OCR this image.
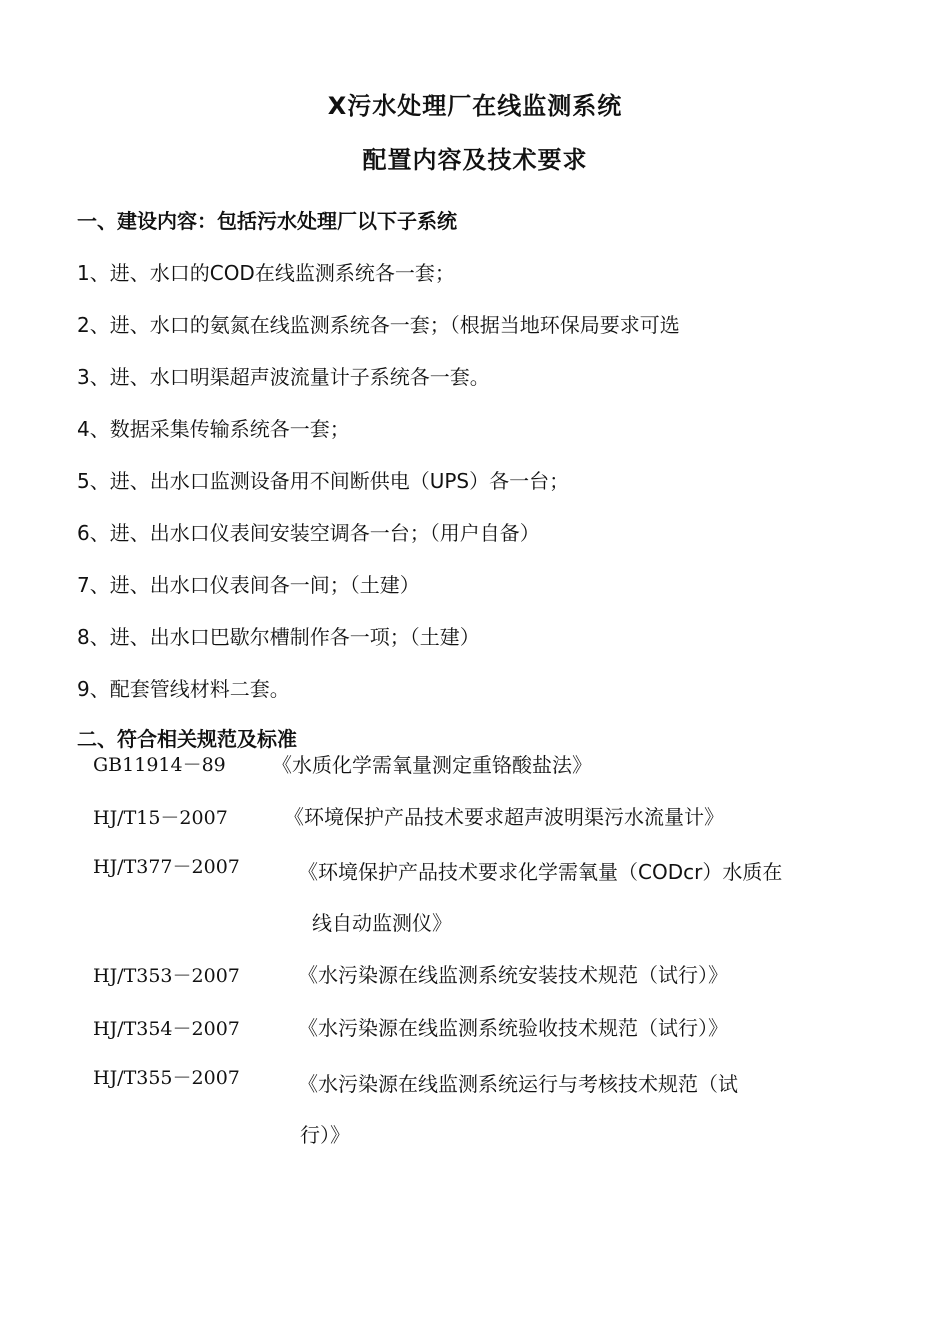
X污水处理厂在线监测系统
配置内容及技术要求
一、建设内容：包括污水处理厂以下子系统
1、进、水口的COD在线监测系统各一套；
2、进、水口的氨氮在线监测系统各一套；（根据当地环保局要求可选
3、进、水口明渠超声波流量计子系统各一套。
4、数据采集传输系统各一套；
5、进、出水口监测设备用不间断供电（UPS）各一台；
6、进、出水口仪表间安装空调各一台；（用户自备）
7、进、出水口仪表间各一间；（土建）
8、进、出水口巴歇尔槽制作各一项；（土建）
9、配套管线材料二套。
二、符合相关规范及标准
GB11914－89 《水质化学需氧量测定重铬酸盐法》
HJ/T15－2007	《环境保护产品技术要求超声波明渠污水流量计》
HJ/T377－2007	《环境保护产品技术要求化学需氧量（CODcr）水质在
线自动监测仪》
HJ/T353－2007	《水污染源在线监测系统安装技术规范（试行）》
HJ/T354－2007	《水污染源在线监测系统验收技术规范（试行）》
HJ/T355－2007	《水污染源在线监测系统运行与考核技术规范（试
行）》
